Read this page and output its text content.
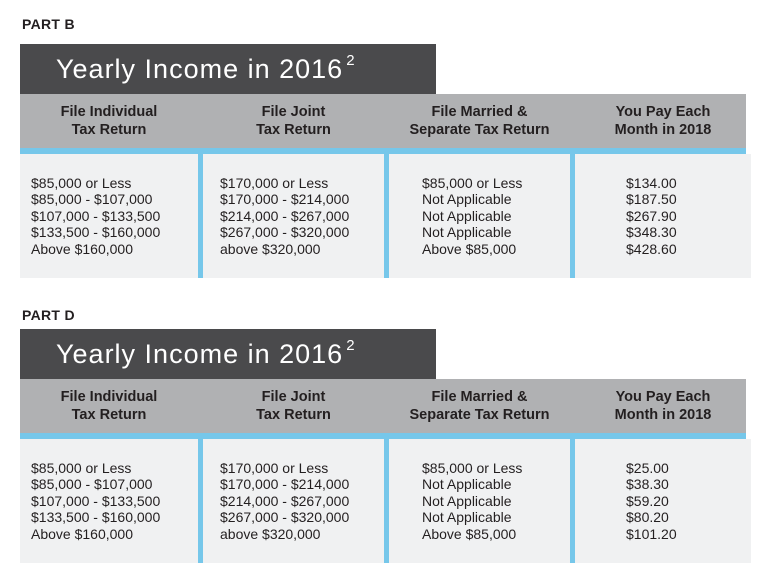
PART B
Yearly Income in 2016 $^2$
File Individual
Tax Return
File Joint
Tax Return
File Married &
Separate Tax Return
You Pay Each
Month in 2018
$85,000 or Less
$85,000 - $107,000
$107,000 - $133,500
$133,500 - $160,000
Above $160,000
$170,000 or Less
$170,000 - $214,000
$214,000 - $267,000
$267,000 - $320,000
above $320,000
$85,000 or Less
Not Applicable
Not Applicable
Not Applicable
Above $85,000
$134.00
$187.50
$267.90
$348.30
$428.60
PART D
Yearly Income in 2016 $^2$
File Individual
Tax Return
File Joint
Tax Return
File Married &
Separate Tax Return
You Pay Each
Month in 2018
$85,000 or Less
$85,000 - $107,000
$107,000 - $133,500
$133,500 - $160,000
Above $160,000
$170,000 or Less
$170,000 - $214,000
$214,000 - $267,000
$267,000 - $320,000
above $320,000
$85,000 or Less
Not Applicable
Not Applicable
Not Applicable
Above $85,000
$25.00
$38.30
$59.20
$80.20
$101.20
